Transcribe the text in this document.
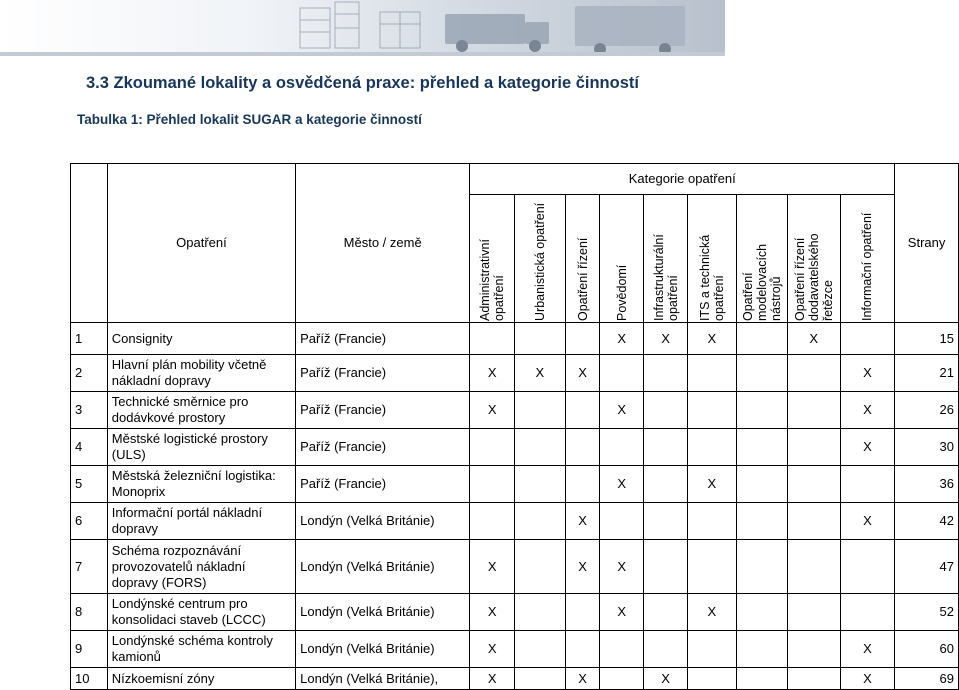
3.3 Zkoumané lokality a osvědčená praxe: přehled a kategorie činností
Tabulka 1: Přehled lokalit SUGAR a kategorie činností
	Opatření	Město / země	Kategorie opatření									Strany

			Administrativní opatření	Urbanistická opatření	Opatření řízení	Povědomí	Infrastrukturální opatření	ITS a technická opatření	Opatření modelovacích nástrojů	Opatření řízení dodavatelského řetězce	Informační opatření	

1	Consignity	Paříž (Francie)				X	X	X		X		15
2	Hlavní plán mobility včetně nákladní dopravy	Paříž (Francie)	X	X	X						X	21
3	Technické směrnice pro dodávkové prostory	Paříž (Francie)	X			X					X	26
4	Městské logistické prostory (ULS)	Paříž (Francie)									X	30
5	Městská železniční logistika: Monoprix	Paříž (Francie)				X		X				36
6	Informační portál nákladní dopravy	Londýn (Velká Británie)			X						X	42
7	Schéma rozpoznávání provozovatelů nákladní dopravy (FORS)	Londýn (Velká Británie)	X		X	X						47
8	Londýnské centrum pro konsolidaci staveb (LCCC)	Londýn (Velká Británie)	X			X		X				52
9	Londýnské schéma kontroly kamionů	Londýn (Velká Británie)	X								X	60
10	Nízkoemisní zóny	Londýn (Velká Británie),	X		X		X				X	69
